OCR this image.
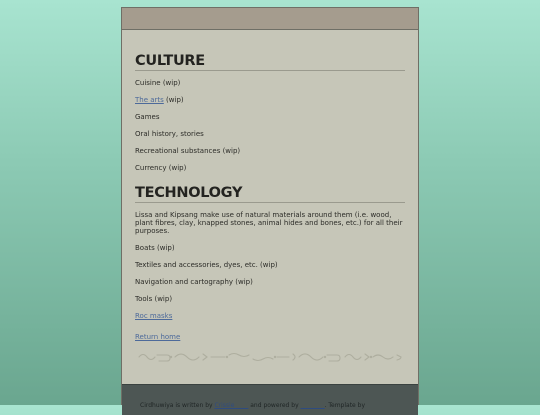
CULTURE

Cuisine (wip)

The arts (wip)

Games

Oral history, stories

Recreational substances (wip)

Currency (wip)

TECHNOLOGY

Lissa and Kipsang make use of natural materials around them (i.e. wood, plant fibres, clay, knapped stones, animal hides and bones, etc.) for all their purposes.

Boats (wip)

Textiles and accessories, dyes, etc. (wip)

Navigation and cartography (wip)

Tools (wip)

Roc masks

Return home

Cirdhuwiya is written by Crissie ____ and powered by ________. Template by
